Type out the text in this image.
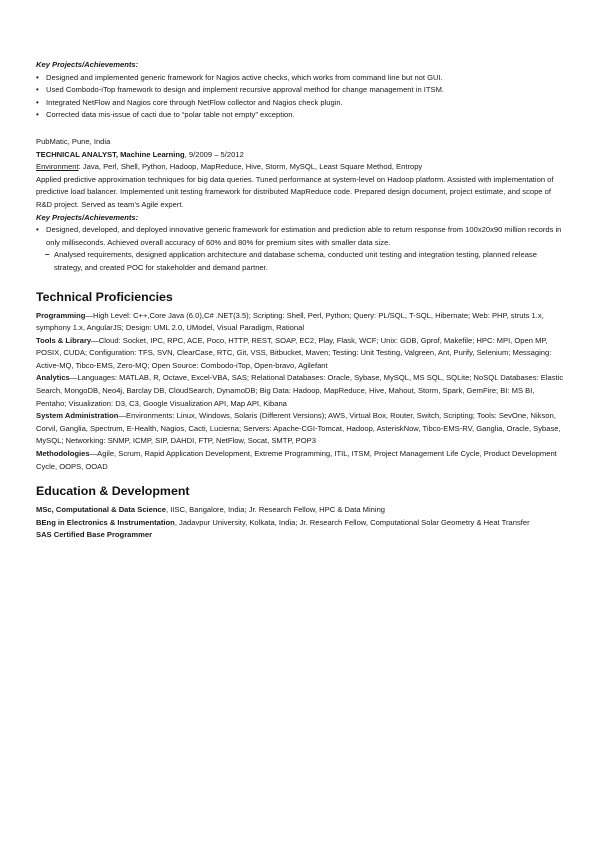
Key Projects/Achievements:
• Designed and implemented generic framework for Nagios active checks, which works from command line but not GUI.
• Used Combodo-iTop framework to design and implement recursive approval method for change management in ITSM.
• Integrated NetFlow and Nagios core through NetFlow collector and Nagios check plugin.
• Corrected data mis-issue of cacti due to “polar table not empty” exception.
PubMatic, Pune, India
TECHNICAL ANALYST, Machine Learning, 9/2009 – 5/2012
Environment: Java, Perl, Shell, Python, Hadoop, MapReduce, Hive, Storm, MySQL, Least Square Method, Entropy
Applied predictive approximation techniques for big data queries. Tuned performance at system-level on Hadoop platform. Assisted with implementation of predictive load balancer. Implemented unit testing framework for distributed MapReduce code. Prepared design document, project estimate, and scope of R&D project. Served as team’s Agile expert.
Key Projects/Achievements:
• Designed, developed, and deployed innovative generic framework for estimation and prediction able to return response from 100x20x90 million records in only milliseconds. Achieved overall accuracy of 60% and 80% for premium sites with smaller data size.
‒ Analysed requirements, designed application architecture and database schema, conducted unit testing and integration testing, planned release strategy, and created POC for stakeholder and demand partner.
Technical Proficiencies
Programming—High Level: C++,Core Java (6.0),C# .NET(3.5); Scripting: Shell, Perl, Python; Query: PL/SQL, T-SQL, Hibernate; Web: PHP, struts 1.x, symphony 1.x, AngularJS; Design: UML 2.0, UModel, Visual Paradigm, Rational
Tools & Library—Cloud: Socket, IPC, RPC, ACE, Poco, HTTP, REST, SOAP, EC2, Play, Flask, WCF; Unix: GDB, Gprof, Makefile; HPC: MPI, Open MP, POSIX, CUDA; Configuration: TFS, SVN, ClearCase, RTC, Git, VSS, Bitbucket, Maven; Testing: Unit Testing, Valgreen, Ant, Purify, Selenium; Messaging: Active-MQ, Tibco-EMS, Zero-MQ; Open Source: Combodo-iTop, Open-bravo, Agilefant
Analytics—Languages: MATLAB, R, Octave, Excel-VBA, SAS; Relational Databases: Oracle, Sybase, MySQL, MS SQL, SQLite; NoSQL Databases: Elastic Search, MongoDB, Neo4j, Barclay DB, CloudSearch, DynamoDB; Big Data: Hadoop, MapReduce, Hive, Mahout, Storm, Spark, GemFire; BI: MS BI, Pentaho; Visualization: D3, C3, Google Visualization API, Map API, Kibana
System Administration—Environments: Linux, Windows, Solaris (Different Versions); AWS, Virtual Box, Router, Switch, Scripting; Tools: SevOne, Nikson, Corvil, Ganglia, Spectrum, E-Health, Nagios, Cacti, Lucierna; Servers: Apache-CGI-Tomcat, Hadoop, AsteriskNow, Tibco-EMS-RV, Ganglia, Oracle, Sybase, MySQL; Networking: SNMP, ICMP, SIP, DAHDI, FTP, NetFlow, Socat, SMTP, POP3
Methodologies—Agile, Scrum, Rapid Application Development, Extreme Programming, ITIL, ITSM, Project Management Life Cycle, Product Development Cycle, OOPS, OOAD
Education & Development
MSc, Computational & Data Science, IISC, Bangalore, India; Jr. Research Fellow, HPC & Data Mining
BEng in Electronics & Instrumentation, Jadavpur University, Kolkata, India; Jr. Research Fellow, Computational Solar Geometry & Heat Transfer
SAS Certified Base Programmer
